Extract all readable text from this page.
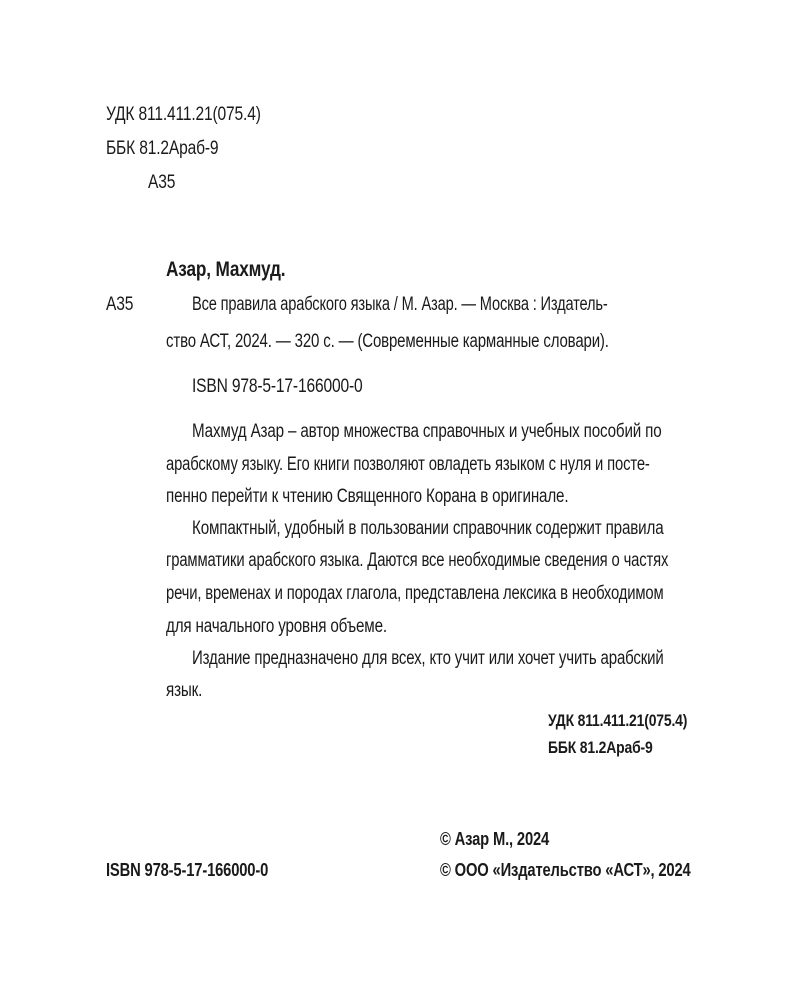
УДК 811.411.21(075.4)
ББК 81.2Араб-9
А35
Азар, Махмуд.
А35	Все правила арабского языка / М. Азар. — Москва : Издатель-
ство АСТ, 2024. — 320 с. — (Современные карманные словари).
ISBN 978-5-17-166000-0
Махмуд Азар – автор множества справочных и учебных пособий по
арабскому языку. Его книги позволяют овладеть языком с нуля и посте-
пенно перейти к чтению Священного Корана в оригинале.
Компактный, удобный в пользовании справочник содержит правила
грамматики арабского языка. Даются все необходимые сведения о частях
речи, временах и породах глагола, представлена лексика в необходимом
для начального уровня объеме.
Издание предназначено для всех, кто учит или хочет учить арабский
язык.
УДК 811.411.21(075.4)
ББК 81.2Араб-9
© Азар М., 2024
ISBN 978-5-17-166000-0	© ООО «Издательство «АСТ», 2024
